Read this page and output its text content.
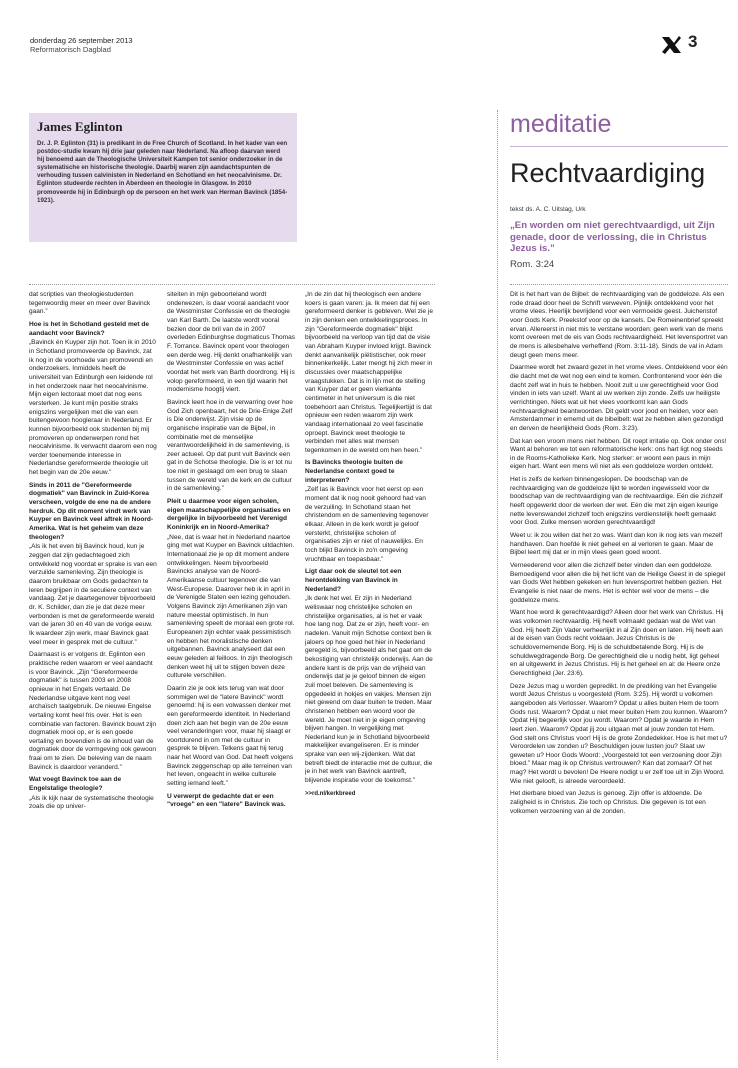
donderdag 26 september 2013
Reformatorisch Dagblad	3
James Eglinton

Dr. J. P. Eglinton (31) is predikant in de Free Church of Scotland. In het kader van een postdoc-studie kwam hij drie jaar geleden naar Nederland. Na afloop daarvan werd hij benoemd aan de Theologische Universiteit Kampen tot senior onderzoeker in de systematische en historische theologie. Daarbij waren zijn aandachtspunten de verhouding tussen calvinisten in Nederland en Schotland en het neocalvinisme. Dr. Eglinton studeerde rechten in Aberdeen en theologie in Glasgow. In 2010 promoveerde hij in Edinburgh op de persoon en het werk van Herman Bavinck (1854-1921).

dat scripties van theologiestudenten tegenwoordig meer en meer over Bavinck gaan.”

Hoe is het in Schotland gesteld met de aandacht voor Bavinck?

„Bavinck én Kuyper zijn hot. Toen ik in 2010 in Schotland promoveerde op Bavinck, zat ik nog in de voorhoede van promovendi en onderzoekers. Inmiddels heeft de universiteit van Edinburgh een leidende rol in het onderzoek naar het neocalvinisme. Mijn eigen lectoraat moet dat nog eens versterken. Je kunt mijn positie straks enigszins vergelijken met die van een buitengewoon hoogleraar in Nederland. Er kunnen bijvoorbeeld ook studenten bij mij promoveren op onderwerpen rond het neocalvinisme. Ik verwacht daarom een nog verder toenemende interesse in Nederlandse gereformeerde theologie uit het begin van de 20e eeuw.”

Sinds in 2011 de "Gereformeerde dogmatiek" van Bavinck in Zuid-Korea verscheen, volgde de ene na de andere herdruk. Op dit moment vindt werk van Kuyper en Bavinck veel aftrek in Noord-Amerika. Wat is het geheim van deze theologen?

„Als ik het even bij Bavinck houd, kun je zeggen dat zijn gedachtegoed zich ontwikkeld nog voordat er sprake is van een verzuilde samenleving. Zijn theologie is daarom bruikbaar om Gods gedachten te leren begrijpen in de seculiere context van vandaag. Zet je daartegenover bijvoorbeeld dr. K. Schilder, dan zie je dat deze meer verbonden is met de gereformeerde wereld van de jaren 30 en 40 van de vorige eeuw. Ik waardeer zijn werk, maar Bavinck gaat veel meer in gesprek met de cultuur.”

Daarnaast is er volgens dr. Eglinton een praktische reden waarom er veel aandacht is voor Bavinck. „Zijn "Gereformeerde dogmatiek" is tussen 2003 en 2008 opnieuw in het Engels vertaald. De Nederlandse uitgave kent nog veel archaïsch taalgebruik. De nieuwe Engelse vertaling komt heel fris over. Het is een combinatie van factoren. Bavinck bouwt zijn dogmatiek mooi op, er is een goede vertaling en bovendien is de inhoud van de dogmatiek door de vormgeving ook gewoon fraai om te zien. De beleving van de naam Bavinck is daardoor veranderd.”

Wat voegt Bavinck toe aan de Engelstalige theologie?

„Als ik kijk naar de systematische theologie zoals die op univer-

siteiten in mijn geboorteland wordt onderwezen, is daar vooral aandacht voor de Westminster Confessie en de theologie van Karl Barth. De laatste wordt vooral bezien door de bril van de in 2007 overleden Edinburghse dogmaticus Thomas F. Torrance. Bavinck opent voor theologen een derde weg. Hij denkt onafhankelijk van de Westminster Confessie en was actief voordat het werk van Barth doordrong. Hij is volop gereformeerd, in een tijd waarin het modernisme hoogtij viert.

Bavinck leert hoe in de verwarring over hoe God Zich openbaart, het de Drie-Enige Zelf is Die onderwijst. Zijn visie op de organische inspiratie van de Bijbel, in combinatie met de menselijke verantwoordelijkheid in de samenleving, is zeer actueel. Op dat punt vult Bavinck een gat in de Schotse theologie. Die is er tot nu toe niet in geslaagd om een brug te slaan tussen de wereld van de kerk en de cultuur in de samenleving.”

Pleit u daarmee voor eigen scholen, eigen maatschappelijke organisaties en dergelijke in bijvoorbeeld het Verenigd Koninkrijk en in Noord-Amerika?

„Nee, dat is waar het in Nederland naartoe ging met wat Kuyper en Bavinck uitdachten. Internationaal zie je op dit moment andere ontwikkelingen. Neem bijvoorbeeld Bavincks analyse van de Noord-Amerikaanse cultuur tegenover die van West-Europese. Daarover heb ik in april in de Verenigde Staten een lezing gehouden. Volgens Bavinck zijn Amerikanen zijn van nature meestal optimistisch. In hun samenleving speelt de moraal een grote rol. Europeanen zijn echter vaak pessimistisch en hebben het moralistische denken uitgebannen. Bavinck analyseert dat een eeuw geleden al feilloos. In zijn theologisch denken weet hij uit te stijgen boven deze culturele verschillen.

Daarin zie je ook iets terug van wat door sommigen wel de "latere Bavinck" wordt genoemd: hij is een volwassen denker met een gereformeerde identiteit. In Nederland doen zich aan het begin van de 20e eeuw veel veranderingen voor, maar hij slaagt er voortdurend in om met de cultuur in gesprek te blijven. Telkens gaat hij terug naar het Woord van God. Dat heeft volgens Bavinck zeggenschap op alle terreinen van het leven, ongeacht in welke culturele setting iemand leeft.”

U verwerpt de gedachte dat er een "vroege" en een "latere" Bavinck was.

„In de zin dat hij theologisch een andere koers is gaan varen: ja. Ik meen dat hij een gereformeerd denker is gebleven. Wel zie je in zijn denken een ontwikkelingsproces. In zijn "Gereformeerde dogmatiek" blijkt bijvoorbeeld na verloop van tijd dat de visie van Abraham Kuyper invloed krijgt. Bavinck denkt aanvankelijk piëtistischer, ook meer binnenkerkelijk. Later mengt hij zich meer in discussies over maatschappelijke vraagstukken. Dat is in lijn met de stelling van Kuyper dat er geen vierkante centimeter in het universum is die niet toebehoort aan Christus. Tegelijkertijd is dat opnieuw een reden waarom zijn werk vandaag internationaal zo veel fascinatie oproept. Bavinck weet theologie te verbinden met alles wat mensen tegenkomen in de wereld om hen heen.”

Is Bavincks theologie buiten de Nederlandse context goed te interpreteren?

„Zelf las ik Bavinck voor het eerst op een moment dat ik nog nooit gehoord had van de verzuiling. In Schotland staan het christendom en de samenleving tegenover elkaar. Alleen in de kerk wordt je geloof versterkt, christelijke scholen of organisaties zijn er niet of nauwelijks. En toch blijkt Bavinck in zo'n omgeving vruchtbaar en toepasbaar.”

Ligt daar ook de sleutel tot een herontdekking van Bavinck in Nederland?

„Ik denk het wel. Er zijn in Nederland weliswaar nog christelijke scholen en christelijke organisaties, al is het er vaak hoe lang nog. Dat ze er zijn, heeft voor- en nadelen. Vanuit mijn Schotse context ben ik jaloers op hoe goed het hier in Nederland geregeld is, bijvoorbeeld als het gaat om de bekostiging van christelijk onderwijs. Aan de andere kant is de prijs van de vrijheid van onderwijs dat je je geloof binnen de eigen zuil moet beleven. De samenleving is opgedeeld in hokjes en vakjes. Mensen zijn niet gewend om daar buiten te treden. Maar christenen hebben een woord voor de wereld. Je moet niet in je eigen omgeving blijven hangen. In vergelijking met Nederland kun je in Schotland bijvoorbeeld makkelijker evangeliseren. Er is minder sprake van een wij-zijdenken. Wat dat betreft biedt de interactie met de cultuur, die je in het werk van Bavinck aantreft, blijvende inspiratie voor de toekomst.”

>>rd.nl/kerkbreed

meditatie
Rechtvaardiging
tekst ds. A. C. Uitslag, Urk
„En worden om niet gerechtvaardigd, uit Zijn genade, door de verlossing, die in Christus Jezus is.”
Rom. 3:24

Dit is het hart van de Bijbel: de rechtvaardiging van de goddeloze. Als een rode draad door heel de Schrift verweven. Pijnlijk ontdekkend voor het vrome vlees. Heerlijk bevrijdend voor een vermoeide geest. Juichenstof voor Gods Kerk. Preekstof voor op de kansels. De Romeinenbrief spreekt ervan. Allereerst in niet mis te verstane woorden: geen werk van de mens komt overeen met de eis van Gods rechtvaardigheid. Het levensportret van de mens is allesbehalve verheffend (Rom. 3:11-18). Sinds de val in Adam deugt geen mens meer.

Daarmee wordt het zwaard gezet in het vrome vlees. Ontdekkend voor één die dacht met de wet nog een eind te komen. Confronterend voor één die dacht zelf wat in huis te hebben. Nooit zult u uw gerechtigheid voor God vinden in iets van uzelf. Want al uw werken zijn zonde. Zelfs uw heiligste verrichtingen. Niets wat uit het vlees voortkomt kan aan Gods rechtvaardigheid beantwoorden. Dit geldt voor jood en heiden, voor een Amsterdammer in ememd uit de bibelbelt: wat ze hebben allen gezondigd en derven de heerlijkheid Gods (Rom. 3:23).

Dat kan een vroom mens niet hebben. Dit roept irritatie op. Ook onder ons! Want al behoren we tot een reformatorische kerk: ons hart ligt nog steeds in de Rooms-Katholieke Kerk. Nog sterker: er woont een paus in mijn eigen hart. Want een mens wil niet als een goddeloze worden ontdekt.

Het is zelfs de kerken binnengeslopen. De boodschap van de rechtvaardiging van de goddeloze lijkt te worden ingewisseld voor de boodschap van de rechtvaardiging van de rechtvaardige. Eén die zichzelf heeft opgewerkt door de werken der wet. Eén die met zijn eigen keurige nette levenswandel zichzelf toch enigszins verdienstelijk heeft gemaakt voor God. Zulke mensen worden gerechtvaardigd!

Weet u: ik zou willen dat het zo was. Want dan kon ik nog iets van mezelf handhaven. Dan hoefde ik niet geheel en al verloren te gaan. Maar de Bijbel leert mij dat er in mijn vlees geen goed woont.

Verneederend voor allen die zichzelf beter vinden dan een goddeloze. Bemoedigend voor allen die bij het licht van de Heilige Geest in de spiegel van Gods Wet hebben gekeken en hun levensportret hebben gezien. Het Evangelie is niet naar de mens. Het is echter wel voor de mens – die goddeloze mens.

Want hoe word ik gerechtvaardigd? Alleen door het werk van Christus. Hij was volkomen rechtvaardig. Hij heeft volmaakt gedaan wat de Wet van God. Hij heeft Zijn Vader verheerlijkt in al Zijn doen en laten. Hij heeft aan al de eisen van Gods recht voldaan. Jezus Christus is de schuldovernemende Borg. Hij is de schuldbetalende Borg. Hij is de schuldwegdragende Borg. De gerechtigheid die u nodig hebt, ligt geheel en al uitgewerkt in Jezus Christus. Hij is het geheel en al: de Heere onze Gerechtigheid (Jer. 23:6).

Deze Jezus mag u worden gepredikt. In de prediking van het Evangelie wordt Jezus Christus u voorgesteld (Rom. 3:25). Hij wordt u volkomen aangeboden als Verlosser. Waarom? Opdat u alles buiten Hem de toorn Gods rust. Waarom? Opdat u niet meer buiten Hem zou kunnen. Waarom? Opdat Hij begeerlijk voor jou wordt. Waarom? Opdat je waarde in Hem leert zien. Waarom? Opdat jij zou uitgaan met al jouw zonden tot Hem. God stelt ons Christus voor! Hij is de grote Zondedekker. Hoe is het met u? Veroordelen uw zonden u? Beschuldigen jouw lusten jou? Slaat uw geweten u? Hoor Gods Woord: „Voorgesteld tot een verzoening door Zijn bloed.” Maar mag ik op Christus vertrouwen? Kan dat zomaar? Of het mag? Het wordt u bevolen! De Heere nodigt u er zelf toe uit in Zijn Woord. Wie niet gelooft, is alreede veroordeeld.

Het dierbare bloed van Jezus is genoeg. Zijn offer is afdoende. De zaligheid is in Christus. Zie toch op Christus. Die gegeven is tot een volkomen verzoening van al de zonden.
